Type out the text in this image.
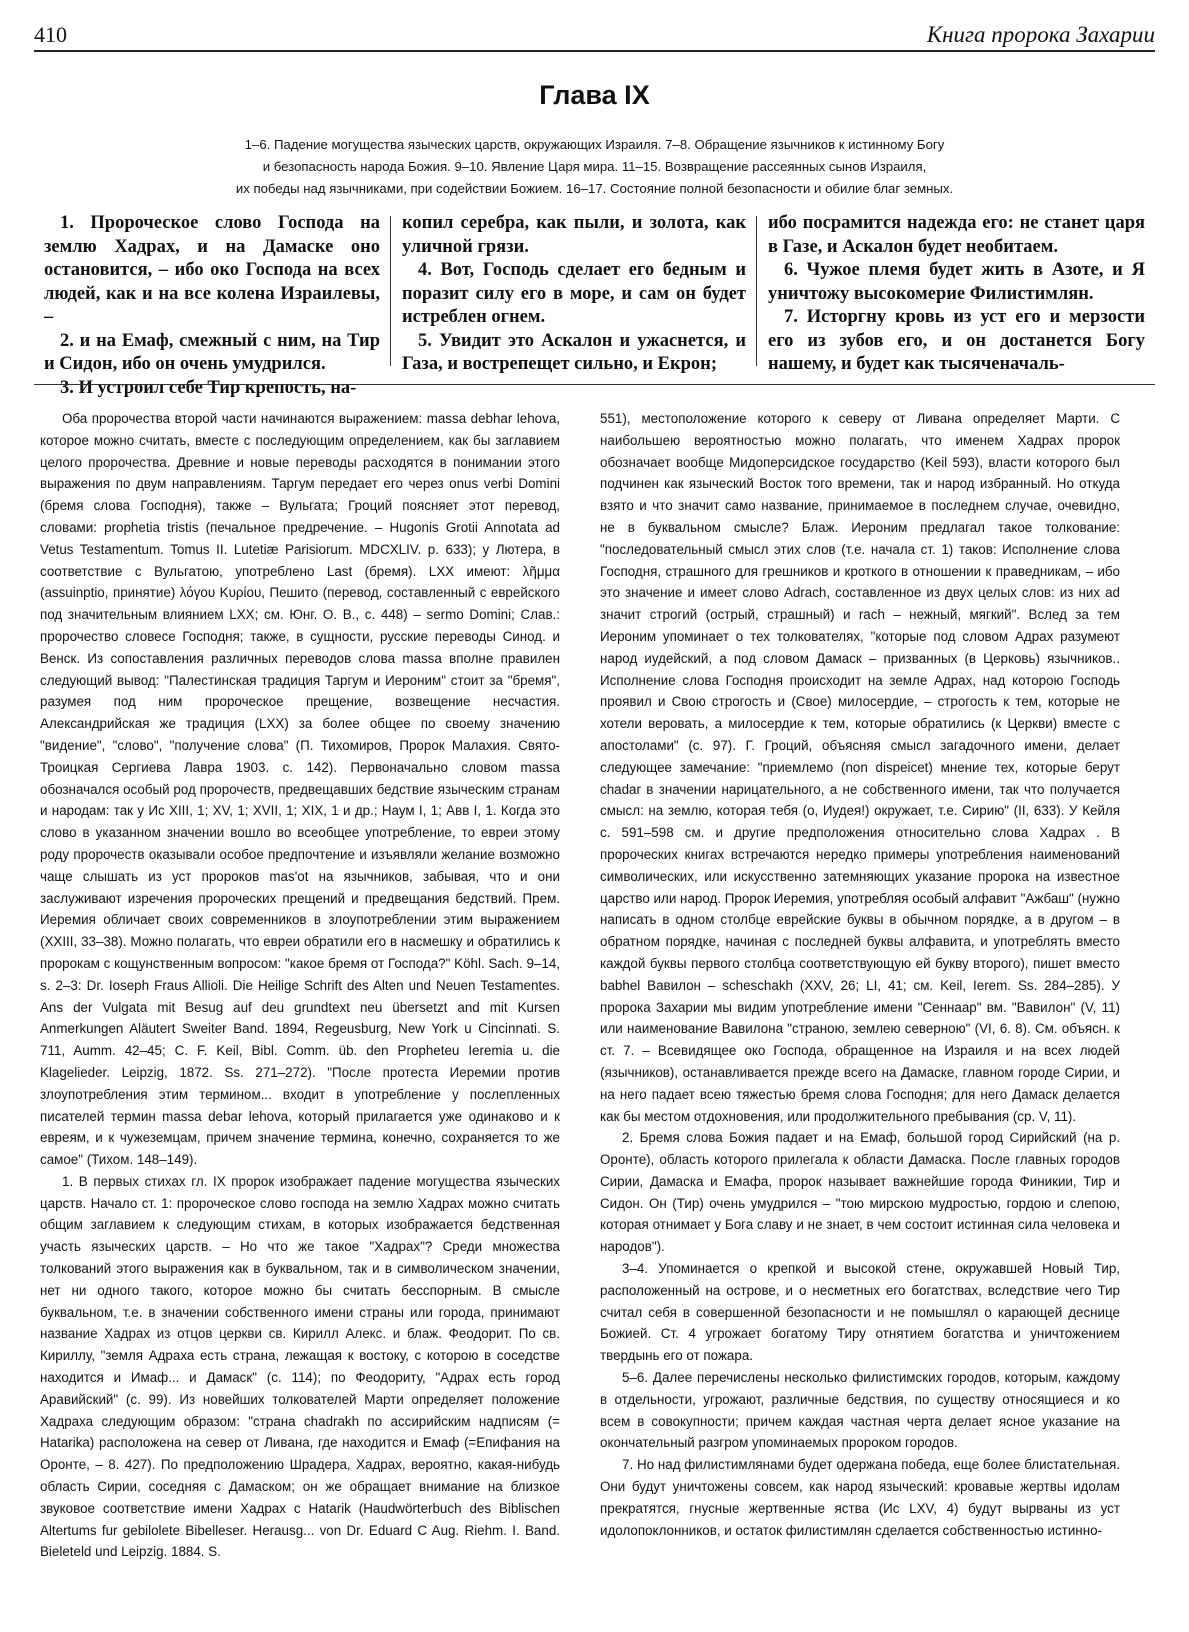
410	Книга пророка Захарии
Глава IX
1–6. Падение могущества языческих царств, окружающих Израиля. 7–8. Обращение язычников к истинному Богу
и безопасность народа Божия. 9–10. Явление Царя мира. 11–15. Возвращение рассеянных сынов Израиля,
их победы над язычниками, при содействии Божием. 16–17. Состояние полной безопасности и обилие благ земных.

1. Пророческое слово Господа на землю Хадрах, и на Дамаске оно остановится, – ибо око Господа на всех людей, как и на все колена Израилевы, –

2. и на Емаф, смежный с ним, на Тир и Сидон, ибо он очень умудрился.

3. И устроил себе Тир крепость, на-

копил серебра, как пыли, и золота, как уличной грязи.

4. Вот, Господь сделает его бедным и поразит силу его в море, и сам он будет истреблен огнем.

5. Увидит это Аскалон и ужаснется, и Газа, и вострепещет сильно, и Екрон;

ибо посрамится надежда его: не станет царя в Газе, и Аскалон будет необитаем.

6. Чужое племя будет жить в Азоте, и Я уничтожу высокомерие Филистимлян.

7. Исторгну кровь из уст его и мерзости его из зубов его, и он достанется Богу нашему, и будет как тысяченачаль-

Оба пророчества второй части начинаются выражением: massa debhar lehova, которое можно считать, вместе с последующим определением, как бы заглавием целого пророчества. Древние и новые переводы расходятся в понимании этого выражения по двум направлениям. Таргум передает его через onus verbi Domini (бремя слова Господня), также – Вульгата; Гроций поясняет этот перевод, словами: prophetia tristis (печальное предречение. – Hugonis Grotii Annotata ad Vetus Testamentum. Tomus II. Lutetiæ Parisiorum. MDCXLIV. p. 633); у Лютера, в соответствие с Вульгатою, употреблено Last (бремя). LXX имеют: λῆμμα (assuinptio, принятие) λόγου Κυρίου, Пешито (перевод, составленный с еврейского под значительным влиянием LXX; см. Юнг. О. В., с. 448) – sermo Domini; Слав.: пророчество словесе Господня; также, в сущности, русские переводы Синод. и Венск. Из сопоставления различных переводов слова massa вполне правилен следующий вывод: "Палестинская традиция Таргум и Иероним" стоит за "бремя", разумея под ним пророческое прещение, возвещение несчастия. Александрийская же традиция (LXX) за более общее по своему значению "видение", "слово", "получение слова" (П. Тихомиров, Пророк Малахия. Свято-Троицкая Сергиева Лавра 1903. с. 142). Первоначально словом massa обозначался особый род пророчеств, предвещавших бедствие языческим странам и народам: так у Ис XIII, 1; XV, 1; XVII, 1; XIX, 1 и др.; Наум I, 1; Авв I, 1. Когда это слово в указанном значении вошло во всеобщее употребление, то евреи этому роду пророчеств оказывали особое предпочтение и изъявляли желание возможно чаще слышать из уст пророков mas'ot на язычников, забывая, что и они заслуживают изречения пророческих прещений и предвещания бедствий. Прем. Иеремия обличает своих современников в злоупотреблении этим выражением (XXIII, 33–38). Можно полагать, что евреи обратили его в насмешку и обратились к пророкам с кощунственным вопросом: "какое бремя от Господа?" Köhl. Sach. 9–14, s. 2–3: Dr. Ioseph Fraus Allioli. Die Heilige Schrift des Alten und Neuen Testamentes. Ans der Vulgata mit Besug auf deu grundtext neu übersetzt and mit Kursen Anmerkungen Aläutert Sweiter Band. 1894, Regeusburg, New York u Cincinnati. S. 711, Aumm. 42–45; C. F. Keil, Bibl. Comm. üb. den Propheteu Ieremia u. die Klagelieder. Leipzig, 1872. Ss. 271–272). "После протеста Иеремии против злоупотребления этим термином... входит в употребление у послепленных писателей термин massa debar lehova, который прилагается уже одинаково и к евреям, и к чужеземцам, причем значение термина, конечно, сохраняется то же самое" (Тихом. 148–149).

1. В первых стихах гл. IX пророк изображает падение могущества языческих царств. Начало ст. 1: пророческое слово господа на землю Хадрах можно считать общим заглавием к следующим стихам, в которых изображается бедственная участь языческих царств. – Но что же такое "Хадрах"? Среди множества толкований этого выражения как в буквальном, так и в символическом значении, нет ни одного такого, которое можно бы считать бесспорным. В смысле буквальном, т.е. в значении собственного имени страны или города, принимают название Хадрах из отцов церкви св. Кирилл Алекс. и блаж. Феодорит. По св. Кириллу, "земля Адраха есть страна, лежащая к востоку, с которою в соседстве находится и Имаф... и Дамаск" (с. 114); по Феодориту, "Адрах есть город Аравийский" (с. 99). Из новейших толкователей Марти определяет положение Хадраха следующим образом: "страна chadrakh по ассирийским надписям (= Hatarika) расположена на север от Ливана, где находится и Емаф (=Епифания на Оронте, – 8. 427). По предположению Шрадера, Хадрах, вероятно, какая-нибудь область Сирии, соседняя с Дамаском; он же обращает внимание на близкое звуковое соответствие имени Хадрах с Hatarik (Haudwörterbuch des Biblischen Altertums fur gebilolete Bibelleser. Herausg... von Dr. Eduard C Aug. Riehm. I. Band. Bieleteld und Leipzig. 1884. S.

551), местоположение которого к северу от Ливана определяет Марти. С наибольшею вероятностью можно полагать, что именем Хадрах пророк обозначает вообще Мидоперсидское государство (Keil 593), власти которого был подчинен как языческий Восток того времени, так и народ избранный. Но откуда взято и что значит само название, принимаемое в последнем случае, очевидно, не в буквальном смысле? Блаж. Иероним предлагал такое толкование: "последовательный смысл этих слов (т.е. начала ст. 1) таков: Исполнение слова Господня, страшного для грешников и кроткого в отношении к праведникам, – ибо это значение и имеет слово Adrach, составленное из двух целых слов: из них ad значит строгий (острый, страшный) и rach – нежный, мягкий". Вслед за тем Иероним упоминает о тех толкователях, "которые под словом Адрах разумеют народ иудейский, а под словом Дамаск – призванных (в Церковь) язычников.. Исполнение слова Господня происходит на земле Адрах, над которою Господь проявил и Свою строгость и (Свое) милосердие, – строгость к тем, которые не хотели веровать, а милосердие к тем, которые обратились (к Церкви) вместе с апостолами" (с. 97). Г. Гроций, объясняя смысл загадочного имени, делает следующее замечание: "приемлемо (non dispeicet) мнение тех, которые берут chadar в значении нарицательного, а не собственного имени, так что получается смысл: на землю, которая тебя (о, Иудея!) окружает, т.е. Сирию" (II, 633). У Кейля с. 591–598 см. и другие предположения относительно слова Хадрах . В пророческих книгах встречаются нередко примеры употребления наименований символических, или искусственно затемняющих указание пророка на известное царство или народ. Пророк Иеремия, употребляя особый алфавит "Ажбаш" (нужно написать в одном столбце еврейские буквы в обычном порядке, а в другом – в обратном порядке, начиная с последней буквы алфавита, и употреблять вместо каждой буквы первого столбца соответствующую ей букву второго), пишет вместо babhel Вавилон – scheschakh (XXV, 26; LI, 41; см. Keil, Ierem. Ss. 284–285). У пророка Захарии мы видим употребление имени "Сеннаар" вм. "Вавилон" (V, 11) или наименование Вавилона "страною, землею северною" (VI, 6. 8). См. объясн. к ст. 7. – Всевидящее око Господа, обращенное на Израиля и на всех людей (язычников), останавливается прежде всего на Дамаске, главном городе Сирии, и на него падает всею тяжестью бремя слова Господня; для него Дамаск делается как бы местом отдохновения, или продолжительного пребывания (ср. V, 11).

2. Бремя слова Божия падает и на Емаф, большой город Сирийский (на р. Оронте), область которого прилегала к области Дамаска. После главных городов Сирии, Дамаска и Емафа, пророк называет важнейшие города Финикии, Тир и Сидон. Он (Тир) очень умудрился – "тою мирскою мудростью, гордою и слепою, которая отнимает у Бога славу и не знает, в чем состоит истинная сила человека и народов").

3–4. Упоминается о крепкой и высокой стене, окружавшей Новый Тир, расположенный на острове, и о несметных его богатствах, вследствие чего Тир считал себя в совершенной безопасности и не помышлял о карающей деснице Божией. Ст. 4 угрожает богатому Тиру отнятием богатства и уничтожением твердынь его от пожара.

5–6. Далее перечислены несколько филистимских городов, которым, каждому в отдельности, угрожают, различные бедствия, по существу относящиеся и ко всем в совокупности; причем каждая частная черта делает ясное указание на окончательный разгром упоминаемых пророком городов.

7. Но над филистимлянами будет одержана победа, еще более блистательная. Они будут уничтожены совсем, как народ языческий: кровавые жертвы идолам прекратятся, гнусные жертвенные яства (Ис LXV, 4) будут вырваны из уст идолопоклонников, и остаток филистимлян сделается собственностью истинно-
